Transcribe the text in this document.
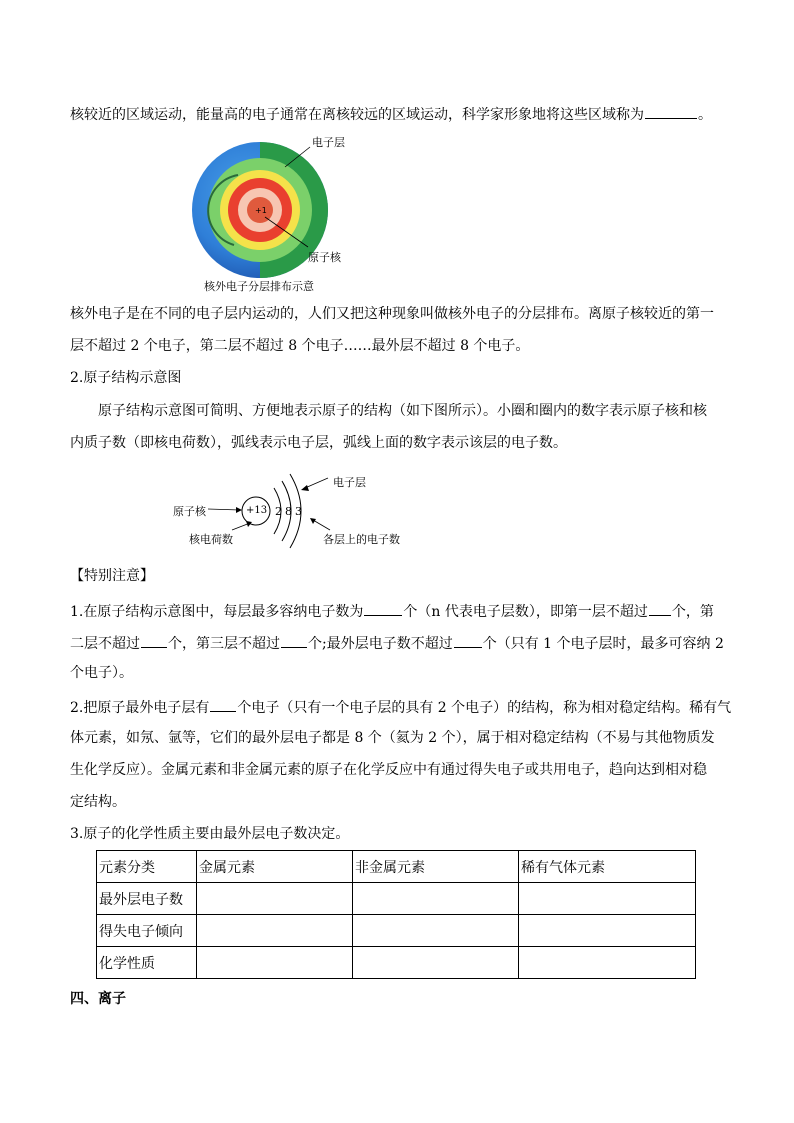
核较近的区域运动，能量高的电子通常在离核较远的区域运动，科学家形象地将这些区域称为	。
+1
电子层
原子核
核外电子分层排布示意
核外电子是在不同的电子层内运动的，人们又把这种现象叫做核外电子的分层排布。离原子核较近的第一
层不超过 2 个电子，第二层不超过 8 个电子……最外层不超过 8 个电子。
2.原子结构示意图
原子结构示意图可简明、方便地表示原子的结构（如下图所示）。小圈和圈内的数字表示原子核和核
内质子数（即核电荷数），弧线表示电子层，弧线上面的数字表示该层的电子数。
原子核	+13 2 8 3
电子层
核电荷数	各层上的电子数
【特别注意】
1.在原子结构示意图中，每层最多容纳电子数为	个（n 代表电子层数），即第一层不超过 个，第
二层不超过 个，第三层不超过 个;最外层电子数不超过 个（只有 1 个电子层时，最多可容纳 2
个电子）。
2.把原子最外电子层有 个电子（只有一个电子层的具有 2 个电子）的结构，称为相对稳定结构。稀有气
体元素，如氖、氩等，它们的最外层电子都是 8 个（氦为 2 个），属于相对稳定结构（不易与其他物质发
生化学反应）。金属元素和非金属元素的原子在化学反应中有通过得失电子或共用电子，趋向达到相对稳
定结构。
3.原子的化学性质主要由最外层电子数决定。
元素分类	金属元素	非金属元素	稀有气体元素
最外层电子数			
得失电子倾向			
化学性质			
四、离子
